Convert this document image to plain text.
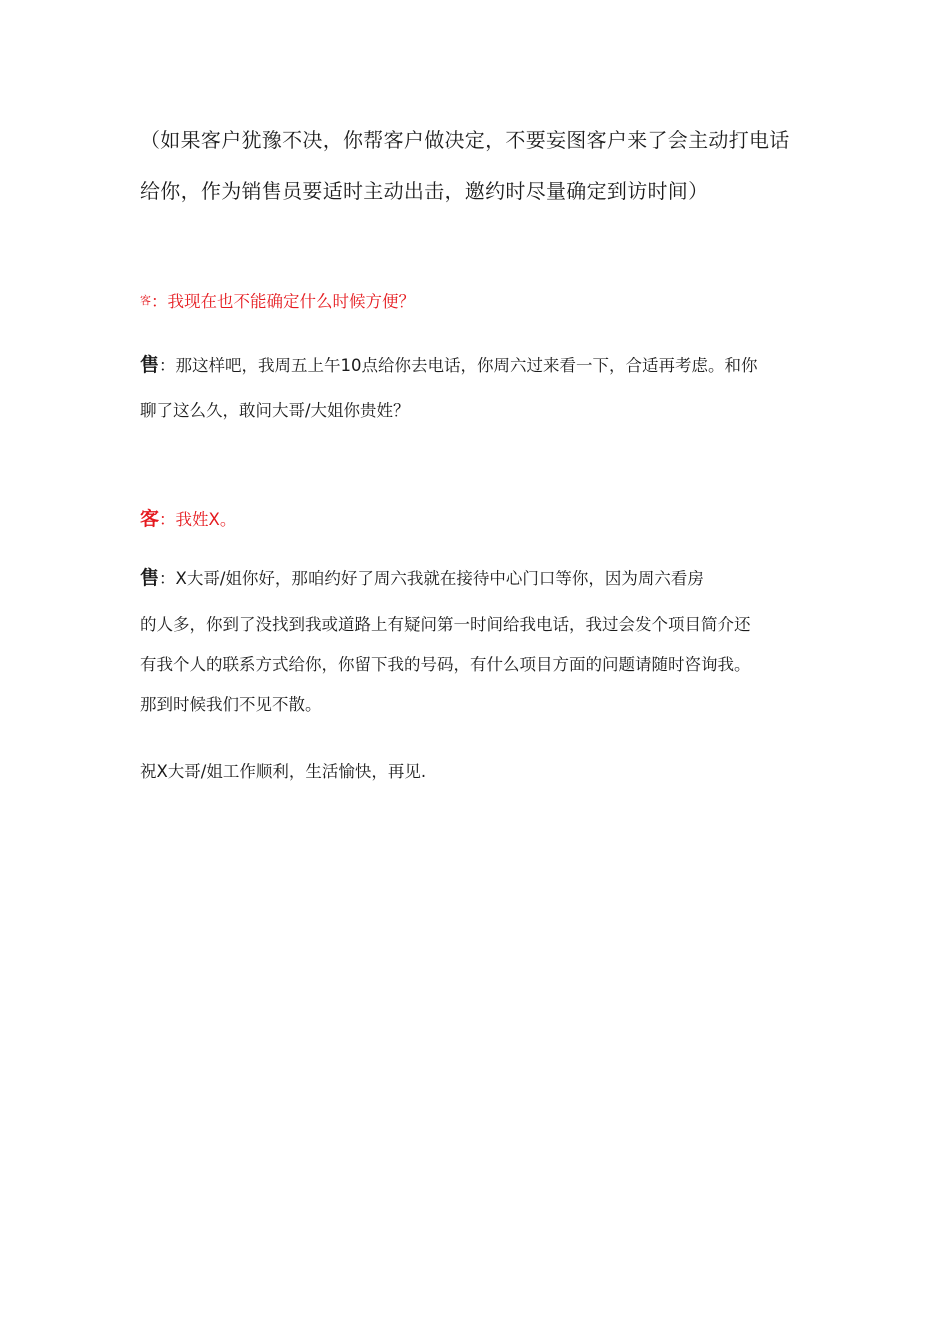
（如果客户犹豫不决，你帮客户做决定，不要妄图客户来了会主动打电话
给你，作为销售员要适时主动出击，邀约时尽量确定到访时间）

客：我现在也不能确定什么时候方便？

售：那这样吧，我周五上午10点给你去电话，你周六过来看一下，合适再考虑。和你
聊了这么久，敢问大哥/大姐你贵姓？

客：我姓X。

售：X大哥/姐你好，那咱约好了周六我就在接待中心门口等你，因为周六看房
的人多，你到了没找到我或道路上有疑问第一时间给我电话，我过会发个项目简介还
有我个人的联系方式给你，你留下我的号码，有什么项目方面的问题请随时咨询我。
那到时候我们不见不散。

祝X大哥/姐工作顺利，生活愉快，再见.
